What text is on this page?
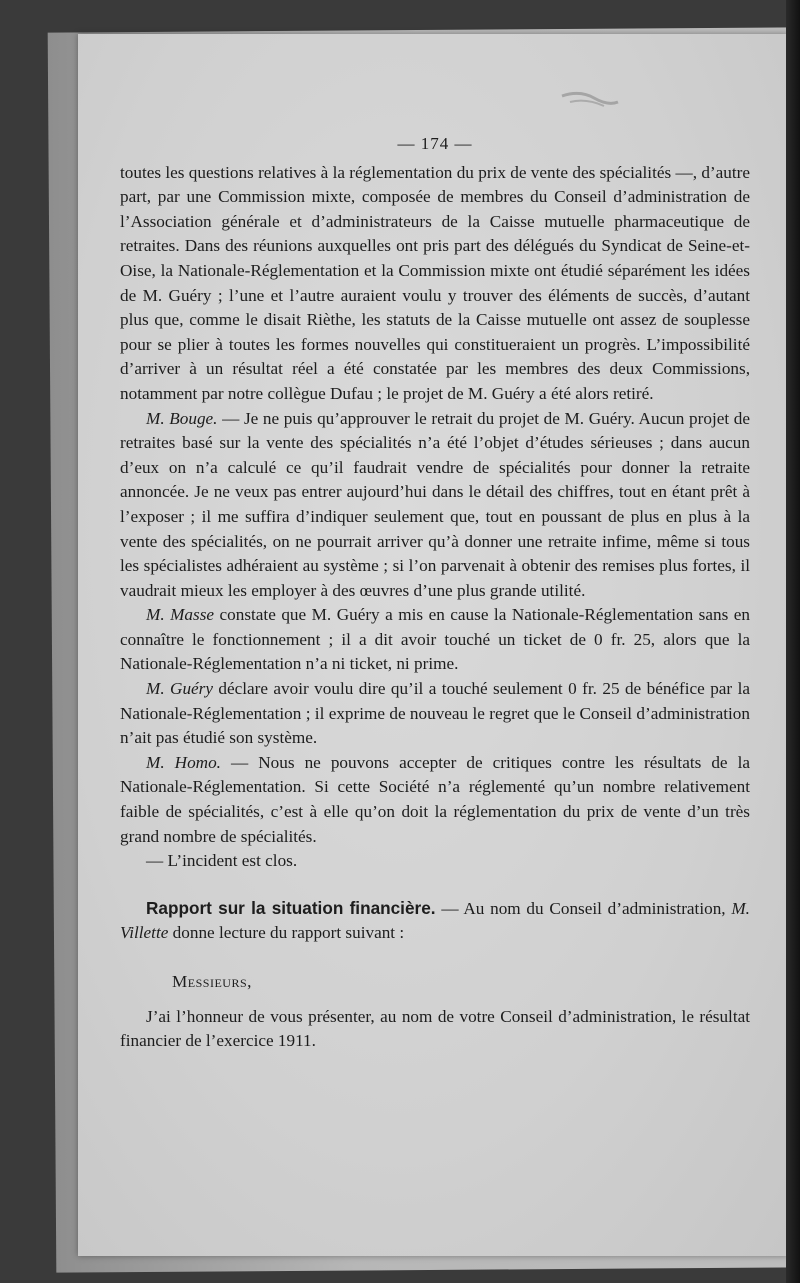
— 174 —

toutes les questions relatives à la réglementation du prix de vente des spécialités —, d’autre part, par une Commission mixte, composée de membres du Conseil d’administration de l’Association générale et d’administrateurs de la Caisse mutuelle pharmaceutique de retraites. Dans des réunions auxquelles ont pris part des délégués du Syndicat de Seine-et-Oise, la Nationale-Réglementation et la Commission mixte ont étudié séparément les idées de M. Guéry ; l’une et l’autre auraient voulu y trouver des éléments de succès, d’autant plus que, comme le disait Rièthe, les statuts de la Caisse mutuelle ont assez de souplesse pour se plier à toutes les formes nouvelles qui constitueraient un progrès. L’impossibilité d’arriver à un résultat réel a été constatée par les membres des deux Commissions, notamment par notre collègue Dufau ; le projet de M. Guéry a été alors retiré.

M. Bouge. — Je ne puis qu’approuver le retrait du projet de M. Guéry. Aucun projet de retraites basé sur la vente des spécialités n’a été l’objet d’études sérieuses ; dans aucun d’eux on n’a calculé ce qu’il faudrait vendre de spécialités pour donner la retraite annoncée. Je ne veux pas entrer aujourd’hui dans le détail des chiffres, tout en étant prêt à l’exposer ; il me suffira d’indiquer seulement que, tout en poussant de plus en plus à la vente des spécialités, on ne pourrait arriver qu’à donner une retraite infime, même si tous les spécialistes adhéraient au système ; si l’on parvenait à obtenir des remises plus fortes, il vaudrait mieux les employer à des œuvres d’une plus grande utilité.

M. Masse constate que M. Guéry a mis en cause la Nationale-Réglementation sans en connaître le fonctionnement ; il a dit avoir touché un ticket de 0 fr. 25, alors que la Nationale-Réglementation n’a ni ticket, ni prime.

M. Guéry déclare avoir voulu dire qu’il a touché seulement 0 fr. 25 de bénéfice par la Nationale-Réglementation ; il exprime de nouveau le regret que le Conseil d’administration n’ait pas étudié son système.

M. Homo. — Nous ne pouvons accepter de critiques contre les résultats de la Nationale-Réglementation. Si cette Société n’a réglementé qu’un nombre relativement faible de spécialités, c’est à elle qu’on doit la réglementation du prix de vente d’un très grand nombre de spécialités.

— L’incident est clos.

Rapport sur la situation financière. — Au nom du Conseil d’administration, M. Villette donne lecture du rapport suivant :

Messieurs,

J’ai l’honneur de vous présenter, au nom de votre Conseil d’administration, le résultat financier de l’exercice 1911.
